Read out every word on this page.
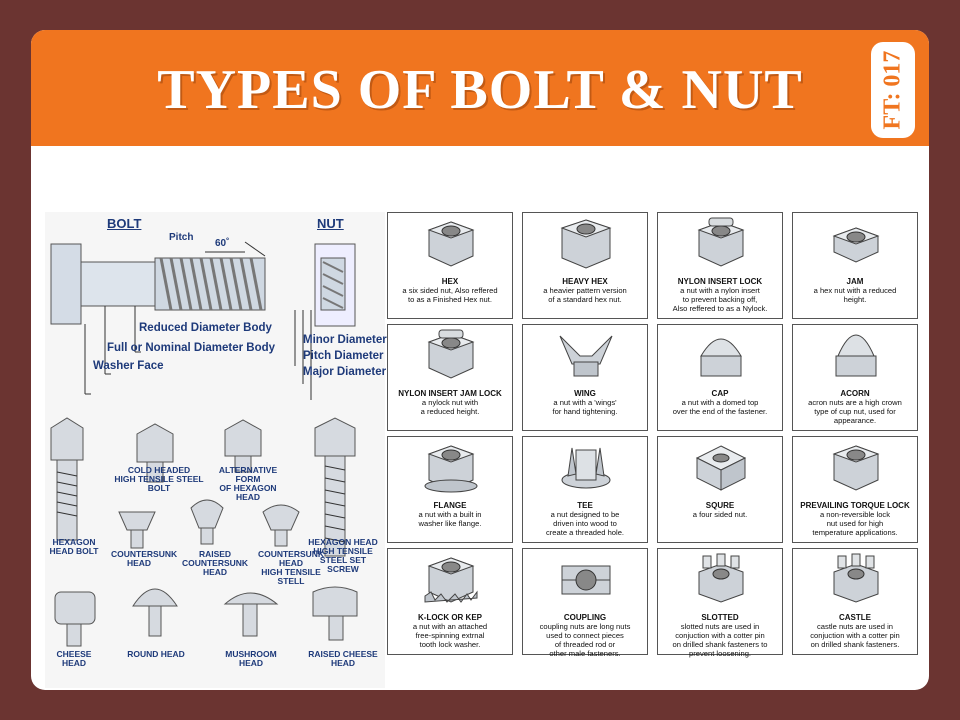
TYPES OF BOLT & NUT	FT: 017
BOLT	NUT
Pitch
60˚
Reduced Diameter Body
Full or Nominal Diameter Body
Washer Face
Minor Diameter
Pitch Diameter
Major Diameter
HEXAGON
HEAD BOLT
COLD HEADED
HIGH TENSILE STEEL BOLT
ALTERNATIVE FORM
OF HEXAGON HEAD
HEXAGON HEAD
HIGH TENSILE
STEEL SET SCREW
COUNTERSUNK
HEAD
RAISED
COUNTERSUNK HEAD
COUNTERSUNK HEAD
HIGH TENSILE STELL
CHEESE HEAD
ROUND HEAD	MUSHROOM HEAD
RAISED CHEESE
HEAD
HEX
a six sided nut, Also reffered
to as a Finished Hex nut.
HEAVY HEX
a heavier pattern version
of a standard hex nut.
NYLON INSERT LOCK
a nut with a nylon insert
to prevent backing off,
Also reffered to as a Nylock.
JAM
a hex nut with a reduced
height.
NYLON INSERT JAM LOCK
a nylock nut with
a reduced height.
WING
a nut with a 'wings'
for hand tightening.
CAP
a nut with a domed top
over the end of the fastener.
ACORN
acron nuts are a high crown
type of cup nut, used for
appearance.
FLANGE
a nut with a built in
washer like flange.
TEE
a nut designed to be
driven into wood to
create a threaded hole.
SQURE
a four sided nut.
PREVAILING TORQUE LOCK
a non-reversible lock
nut used for high
temperature applications.
K-LOCK OR KEP
a nut with an attached
free-spinning extrnal
tooth lock washer.
COUPLING
coupling nuts are long nuts
used to connect pieces
of threaded rod or
other male fasteners.
SLOTTED
slotted nuts are used in
conjuction with a cotter pin
on drilled shank fasteners to
prevent loosening.
CASTLE
castle nuts are used in
conjuction with a cotter pin
on drilled shank fasteners.
